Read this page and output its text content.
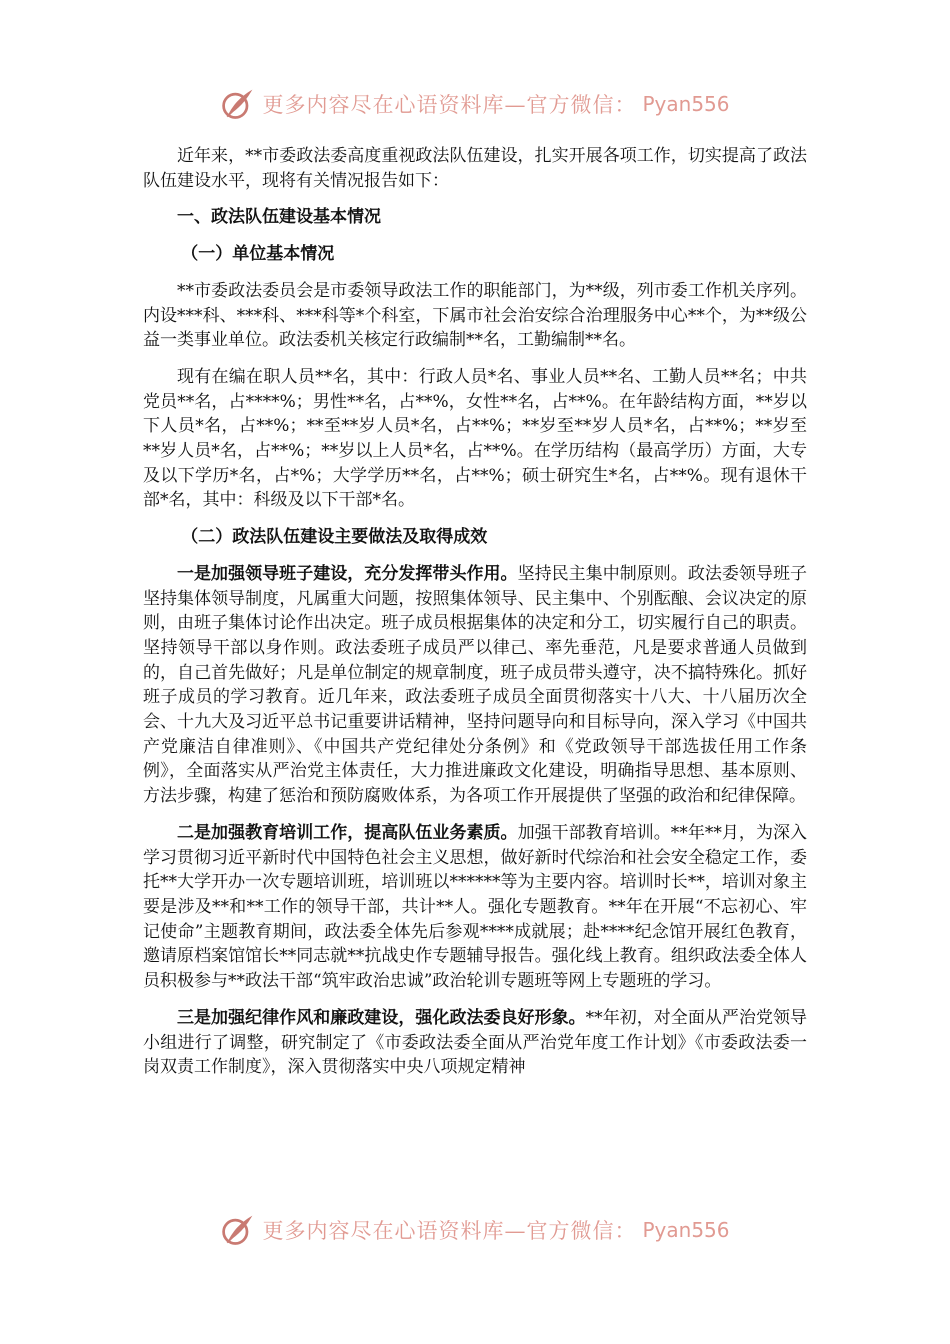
更多内容尽在心语资料库—官方微信： Pyan556

近年来，**市委政法委高度重视政法队伍建设，扎实开展各项工作，切实提高了政法队伍建设水平，现将有关情况报告如下：

一、政法队伍建设基本情况

（一）单位基本情况

**市委政法委员会是市委领导政法工作的职能部门，为**级，列市委工作机关序列。内设***科、***科、***科等*个科室，下属市社会治安综合治理服务中心**个，为**级公益一类事业单位。政法委机关核定行政编制**名，工勤编制**名。

现有在编在职人员**名，其中：行政人员*名、事业人员**名、工勤人员**名；中共党员**名，占****%；男性**名，占**%，女性**名，占**%。在年龄结构方面，**岁以下人员*名，占**%；**至**岁人员*名，占**%；**岁至**岁人员*名，占**%；**岁至**岁人员*名，占**%；**岁以上人员*名，占**%。在学历结构（最高学历）方面，大专及以下学历*名，占*%；大学学历**名，占**%；硕士研究生*名，占**%。现有退休干部*名，其中：科级及以下干部*名。

（二）政法队伍建设主要做法及取得成效

一是加强领导班子建设，充分发挥带头作用。坚持民主集中制原则。政法委领导班子坚持集体领导制度，凡属重大问题，按照集体领导、民主集中、个别酝酿、会议决定的原则，由班子集体讨论作出决定。班子成员根据集体的决定和分工，切实履行自己的职责。坚持领导干部以身作则。政法委班子成员严以律己、率先垂范，凡是要求普通人员做到的，自己首先做好；凡是单位制定的规章制度，班子成员带头遵守，决不搞特殊化。抓好班子成员的学习教育。近几年来，政法委班子成员全面贯彻落实十八大、十八届历次全会、十九大及习近平总书记重要讲话精神，坚持问题导向和目标导向，深入学习《中国共产党廉洁自律准则》、《中国共产党纪律处分条例》和《党政领导干部选拔任用工作条例》，全面落实从严治党主体责任，大力推进廉政文化建设，明确指导思想、基本原则、方法步骤，构建了惩治和预防腐败体系，为各项工作开展提供了坚强的政治和纪律保障。

二是加强教育培训工作，提高队伍业务素质。加强干部教育培训。**年**月，为深入学习贯彻习近平新时代中国特色社会主义思想，做好新时代综治和社会安全稳定工作，委托**大学开办一次专题培训班，培训班以******等为主要内容。培训时长**，培训对象主要是涉及**和**工作的领导干部，共计**人。强化专题教育。**年在开展“不忘初心、牢记使命”主题教育期间，政法委全体先后参观****成就展；赴****纪念馆开展红色教育，邀请原档案馆馆长**同志就**抗战史作专题辅导报告。强化线上教育。组织政法委全体人员积极参与**政法干部“筑牢政治忠诚”政治轮训专题班等网上专题班的学习。

三是加强纪律作风和廉政建设，强化政法委良好形象。**年初，对全面从严治党领导小组进行了调整，研究制定了《市委政法委全面从严治党年度工作计划》《市委政法委一岗双责工作制度》，深入贯彻落实中央八项规定精神

更多内容尽在心语资料库—官方微信： Pyan556
